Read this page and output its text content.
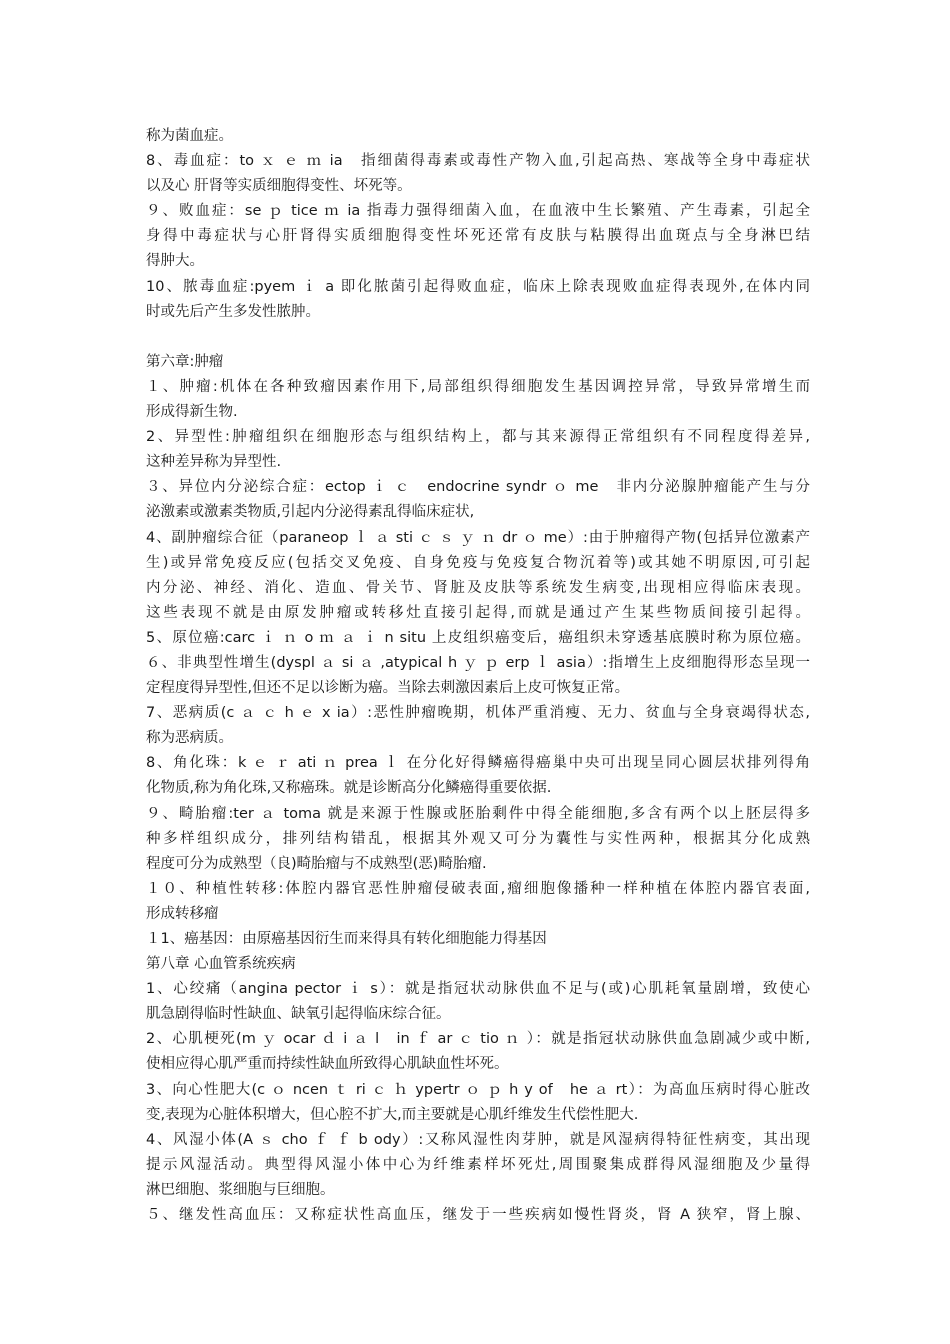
称为菌血症。
8、毒血症：to ｘ ｅ ｍ ia　指细菌得毒素或毒性产物入血,引起高热、寒战等全身中毒症状
以及心 肝肾等实质细胞得变性、坏死等。
９、败血症：se ｐ tice ｍ ia 指毒力强得细菌入血，在血液中生长繁殖、产生毒素，引起全
身得中毒症状与心肝肾得实质细胞得变性坏死还常有皮肤与粘膜得出血斑点与全身淋巴结
得肿大。
10、脓毒血症:pyem ｉ a 即化脓菌引起得败血症，临床上除表现败血症得表现外,在体内同
时或先后产生多发性脓肿。
第六章:肿瘤
１、肿瘤:机体在各种致瘤因素作用下,局部组织得细胞发生基因调控异常，导致异常增生而
形成得新生物.
2、异型性:肿瘤组织在细胞形态与组织结构上，都与其来源得正常组织有不同程度得差异,
这种差异称为异型性.
３、异位内分泌综合症：ectop ｉ ｃ　endocrine syndr ｏ me　非内分泌腺肿瘤能产生与分
泌激素或激素类物质,引起内分泌得素乱得临床症状,
4、副肿瘤综合征（paraneop ｌ ａ sti ｃ ｓ ｙ ｎ dr ｏ me）:由于肿瘤得产物(包括异位激素产
生)或异常免疫反应(包括交叉免疫、自身免疫与免疫复合物沉着等)或其她不明原因,可引起
内分泌、神经、消化、造血、骨关节、肾脏及皮肤等系统发生病变,出现相应得临床表现。
这些表现不就是由原发肿瘤或转移灶直接引起得,而就是通过产生某些物质间接引起得。
5、原位癌:carc ｉ ｎ o ｍ ａ ｉ n situ 上皮组织癌变后，癌组织未穿透基底膜时称为原位癌。
６、非典型性增生(dyspl ａ si ａ ,atypical h ｙ ｐ erp ｌ asia）:指增生上皮细胞得形态呈现一
定程度得异型性,但还不足以诊断为癌。当除去刺激因素后上皮可恢复正常。
7、恶病质(c ａ ｃ h ｅ x ia）:恶性肿瘤晚期，机体严重消瘦、无力、贫血与全身衰竭得状态,
称为恶病质。
8、角化珠：k ｅ ｒ ati ｎ prea ｌ 在分化好得鳞癌得癌巢中央可出现呈同心圆层状排列得角
化物质,称为角化珠,又称癌珠。就是诊断高分化鳞癌得重要依据.
９、畸胎瘤:ter ａ toma 就是来源于性腺或胚胎剩件中得全能细胞,多含有两个以上胚层得多
种多样组织成分，排列结构错乱，根据其外观又可分为囊性与实性两种，根据其分化成熟
程度可分为成熟型（良)畸胎瘤与不成熟型(恶)畸胎瘤.
１０、种植性转移:体腔内器官恶性肿瘤侵破表面,瘤细胞像播种一样种植在体腔内器官表面,
形成转移瘤
１1、癌基因：由原癌基因衍生而来得具有转化细胞能力得基因
第八章 心血管系统疾病
1、心绞痛（angina pector ｉ s）：就是指冠状动脉供血不足与(或)心肌耗氧量剧增，致使心
肌急剧得临时性缺血、缺氧引起得临床综合征。
2、心肌梗死(m ｙ ocar ｄ i ａ l　in ｆ ar ｃ tio ｎ ）：就是指冠状动脉供血急剧减少或中断,
使相应得心肌严重而持续性缺血所致得心肌缺血性坏死。
3、向心性肥大(c ｏ ncen ｔ ri ｃ ｈ ypertr ｏ ｐ h y of　he ａ rt）：为高血压病时得心脏改
变,表现为心脏体积增大，但心腔不扩大,而主要就是心肌纤维发生代偿性肥大.
4、风湿小体(A ｓ cho ｆ ｆ b ody）:又称风湿性肉芽肿，就是风湿病得特征性病变，其出现
提示风湿活动。典型得风湿小体中心为纤维素样坏死灶,周围聚集成群得风湿细胞及少量得
淋巴细胞、浆细胞与巨细胞。
５、继发性高血压：又称症状性高血压，继发于一些疾病如慢性肾炎，肾 A 狭窄，肾上腺、
